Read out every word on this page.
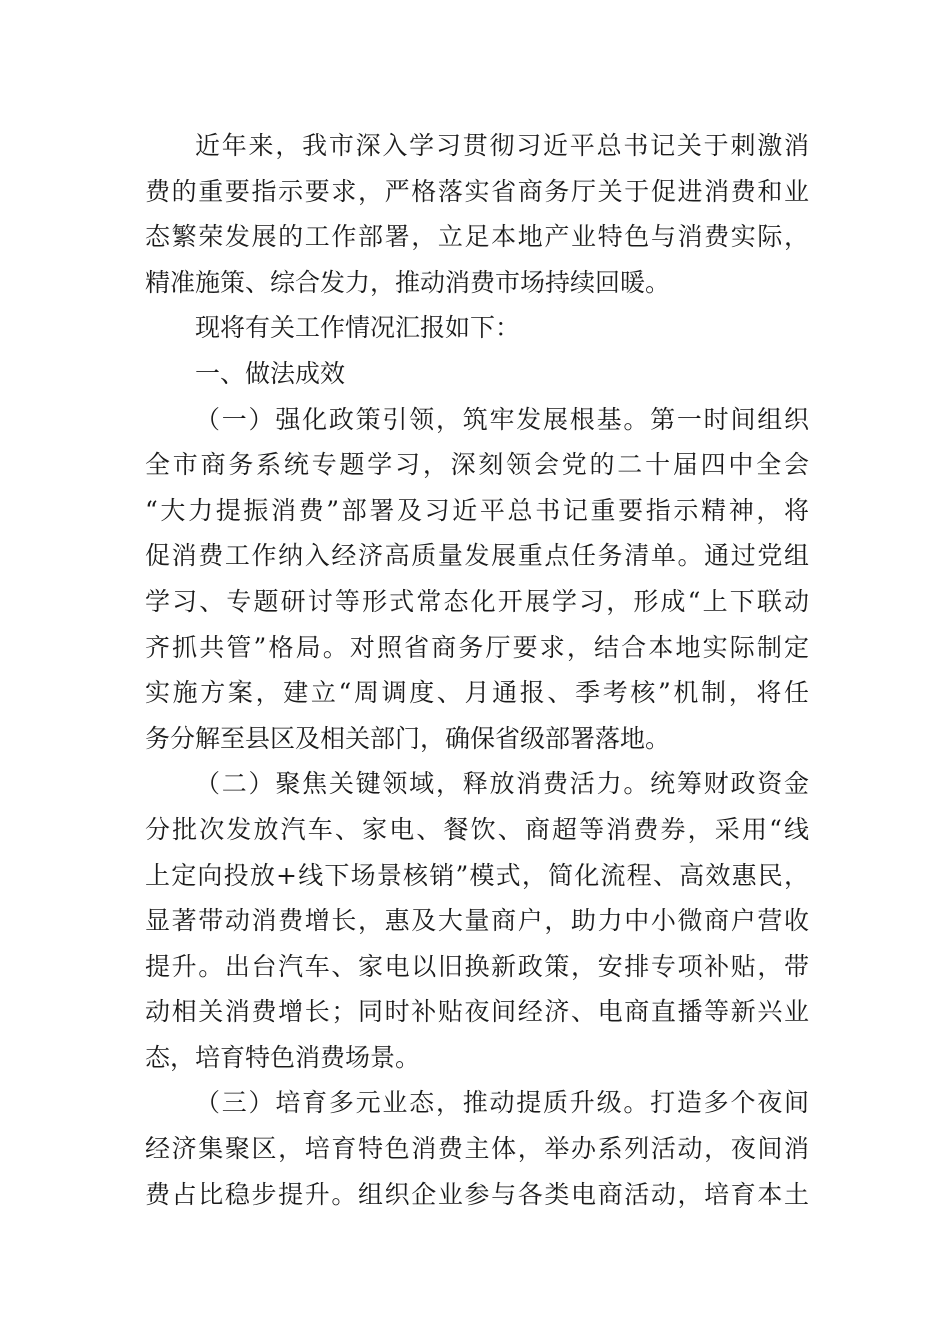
近年来，我市深入学习贯彻习近平总书记关于刺激消
费的重要指示要求，严格落实省商务厅关于促进消费和业
态繁荣发展的工作部署，立足本地产业特色与消费实际，
精准施策、综合发力，推动消费市场持续回暖。
现将有关工作情况汇报如下：
一、做法成效
（一）强化政策引领，筑牢发展根基。第一时间组织
全市商务系统专题学习，深刻领会党的二十届四中全会
“大力提振消费”部署及习近平总书记重要指示精神，将
促消费工作纳入经济高质量发展重点任务清单。通过党组
学习、专题研讨等形式常态化开展学习，形成“上下联动
齐抓共管”格局。对照省商务厅要求，结合本地实际制定
实施方案，建立“周调度、月通报、季考核”机制，将任
务分解至县区及相关部门，确保省级部署落地。
（二）聚焦关键领域，释放消费活力。统筹财政资金
分批次发放汽车、家电、餐饮、商超等消费券，采用“线
上定向投放+线下场景核销”模式，简化流程、高效惠民，
显著带动消费增长，惠及大量商户，助力中小微商户营收
提升。出台汽车、家电以旧换新政策，安排专项补贴，带
动相关消费增长；同时补贴夜间经济、电商直播等新兴业
态，培育特色消费场景。
（三）培育多元业态，推动提质升级。打造多个夜间
经济集聚区，培育特色消费主体，举办系列活动，夜间消
费占比稳步提升。组织企业参与各类电商活动，培育本土
